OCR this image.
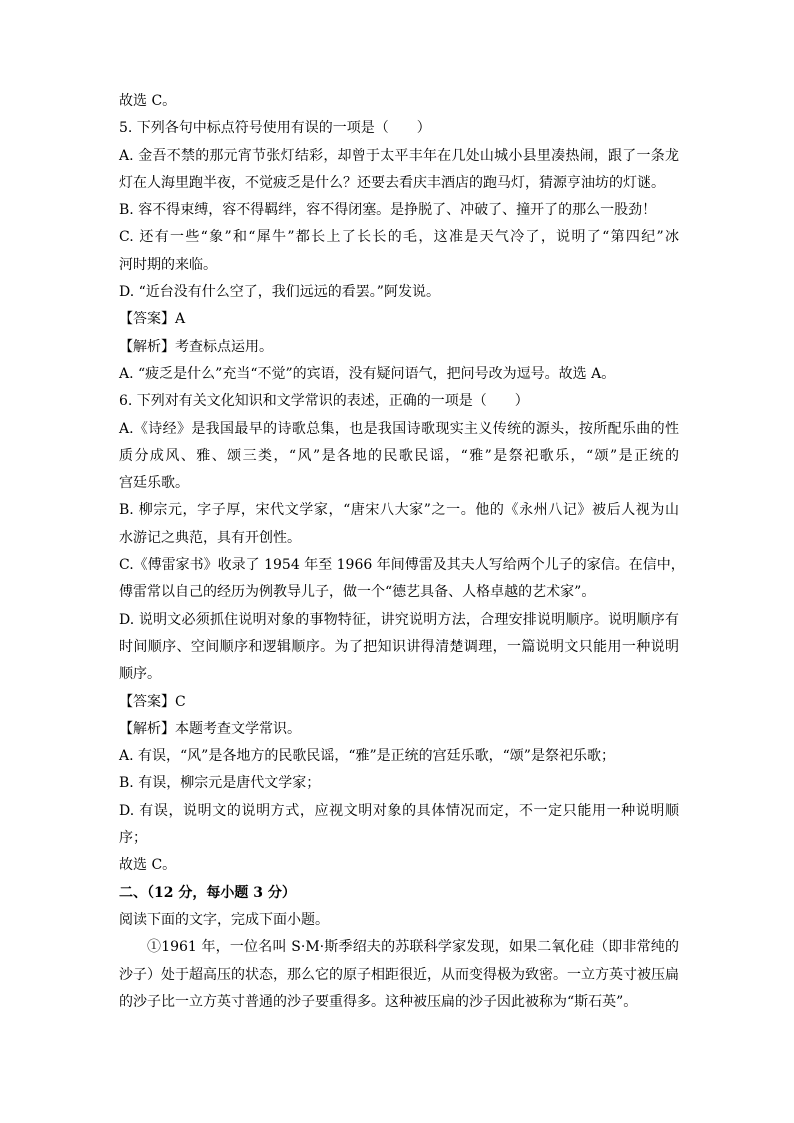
故选 C。
5. 下列各句中标点符号使用有误的一项是（　　）
A. 金吾不禁的那元宵节张灯结彩，却曾于太平丰年在几处山城小县里凑热闹，跟了一条龙
灯在人海里跑半夜，不觉疲乏是什么？还要去看庆丰酒店的跑马灯，猜源亨油坊的灯谜。
B. 容不得束缚，容不得羁绊，容不得闭塞。是挣脱了、冲破了、撞开了的那么一股劲！
C. 还有一些“象”和“犀牛”都长上了长长的毛，这准是天气冷了，说明了“第四纪”冰
河时期的来临。
D. “近台没有什么空了，我们远远的看罢。”阿发说。
【答案】A
【解析】考查标点运用。
A. “疲乏是什么”充当“不觉”的宾语，没有疑问语气，把问号改为逗号。故选 A。
6. 下列对有关文化知识和文学常识的表述，正确的一项是（　　）
A.《诗经》是我国最早的诗歌总集，也是我国诗歌现实主义传统的源头，按所配乐曲的性
质分成风、雅、颂三类，“风”是各地的民歌民谣，“雅”是祭祀歌乐，“颂”是正统的
宫廷乐歌。
B. 柳宗元，字子厚，宋代文学家，“唐宋八大家”之一。他的《永州八记》被后人视为山
水游记之典范，具有开创性。
C.《傅雷家书》收录了 1954 年至 1966 年间傅雷及其夫人写给两个儿子的家信。在信中，
傅雷常以自己的经历为例教导儿子，做一个“德艺具备、人格卓越的艺术家”。
D. 说明文必须抓住说明对象的事物特征，讲究说明方法，合理安排说明顺序。说明顺序有
时间顺序、空间顺序和逻辑顺序。为了把知识讲得清楚调理，一篇说明文只能用一种说明
顺序。
【答案】C
【解析】本题考查文学常识。
A. 有误，“风”是各地方的民歌民谣，“雅”是正统的宫廷乐歌，“颂”是祭祀乐歌；
B. 有误，柳宗元是唐代文学家；
D. 有误，说明文的说明方式，应视文明对象的具体情况而定，不一定只能用一种说明顺
序；
故选 C。
二、（12 分，每小题 3 分）
阅读下面的文字，完成下面小题。
①1961 年，一位名叫 S·M·斯季绍夫的苏联科学家发现，如果二氧化硅（即非常纯的
沙子）处于超高压的状态，那么它的原子相距很近，从而变得极为致密。一立方英寸被压扁
的沙子比一立方英寸普通的沙子要重得多。这种被压扁的沙子因此被称为“斯石英”。
